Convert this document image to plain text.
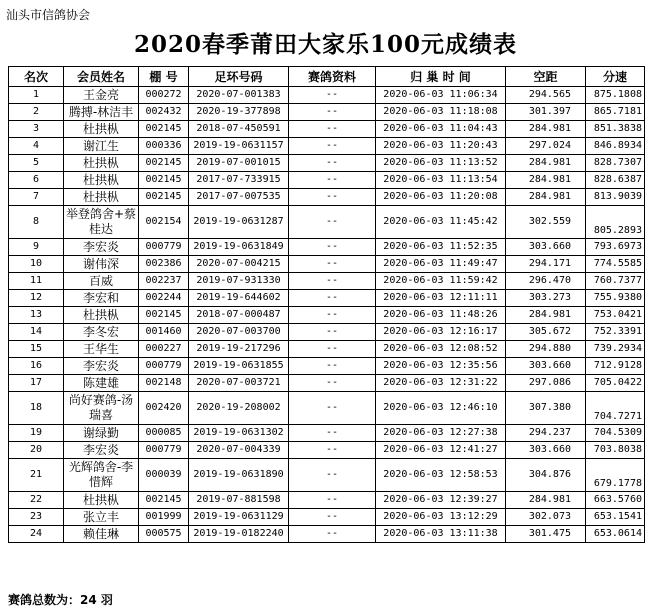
汕头市信鸽协会
2020春季莆田大家乐100元成绩表
名次	会员姓名	棚 号	足环号码	赛鸽资料	归 巢 时 间	空距	分速
1	王金亮	000272	2020-07-001383	--	2020-06-03 11:06:34	294.565	875.1808
2	腾搏-林洁丰	002432	2020-19-377898	--	2020-06-03 11:18:08	301.397	865.7181
3	杜拱枞	002145	2018-07-450591	--	2020-06-03 11:04:43	284.981	851.3838
4	谢江生	000336	2019-19-0631157	--	2020-06-03 11:20:43	297.024	846.8934
5	杜拱枞	002145	2019-07-001015	--	2020-06-03 11:13:52	284.981	828.7307
6	杜拱枞	002145	2017-07-733915	--	2020-06-03 11:13:54	284.981	828.6387
7	杜拱枞	002145	2017-07-007535	--	2020-06-03 11:20:08	284.981	813.9039
8	举登鸽舍+蔡桂达	002154	2019-19-0631287	--	2020-06-03 11:45:42	302.559	805.2893
9	李宏炎	000779	2019-19-0631849	--	2020-06-03 11:52:35	303.660	793.6973
10	谢伟深	002386	2020-07-004215	--	2020-06-03 11:49:47	294.171	774.5585
11	百威	002237	2019-07-931330	--	2020-06-03 11:59:42	296.470	760.7377
12	李宏和	002244	2019-19-644602	--	2020-06-03 12:11:11	303.273	755.9380
13	杜拱枞	002145	2018-07-000487	--	2020-06-03 11:48:26	284.981	753.0421
14	李冬宏	001460	2020-07-003700	--	2020-06-03 12:16:17	305.672	752.3391
15	王华生	000227	2019-19-217296	--	2020-06-03 12:08:52	294.880	739.2934
16	李宏炎	000779	2019-19-0631855	--	2020-06-03 12:35:56	303.660	712.9128
17	陈建雄	002148	2020-07-003721	--	2020-06-03 12:31:22	297.086	705.0422
18	尚好赛鸽-汤瑞喜	002420	2020-19-208002	--	2020-06-03 12:46:10	307.380	704.7271
19	谢绿勤	000085	2019-19-0631302	--	2020-06-03 12:27:38	294.237	704.5309
20	李宏炎	000779	2020-07-004339	--	2020-06-03 12:41:27	303.660	703.8038
21	光辉鸽舍-李惜辉	000039	2019-19-0631890	--	2020-06-03 12:58:53	304.876	679.1778
22	杜拱枞	002145	2019-07-881598	--	2020-06-03 12:39:27	284.981	663.5760
23	张立丰	001999	2019-19-0631129	--	2020-06-03 13:12:29	302.073	653.1541
24	赖佳琳	000575	2019-19-0182240	--	2020-06-03 13:11:38	301.475	653.0614
赛鸽总数为：24 羽
